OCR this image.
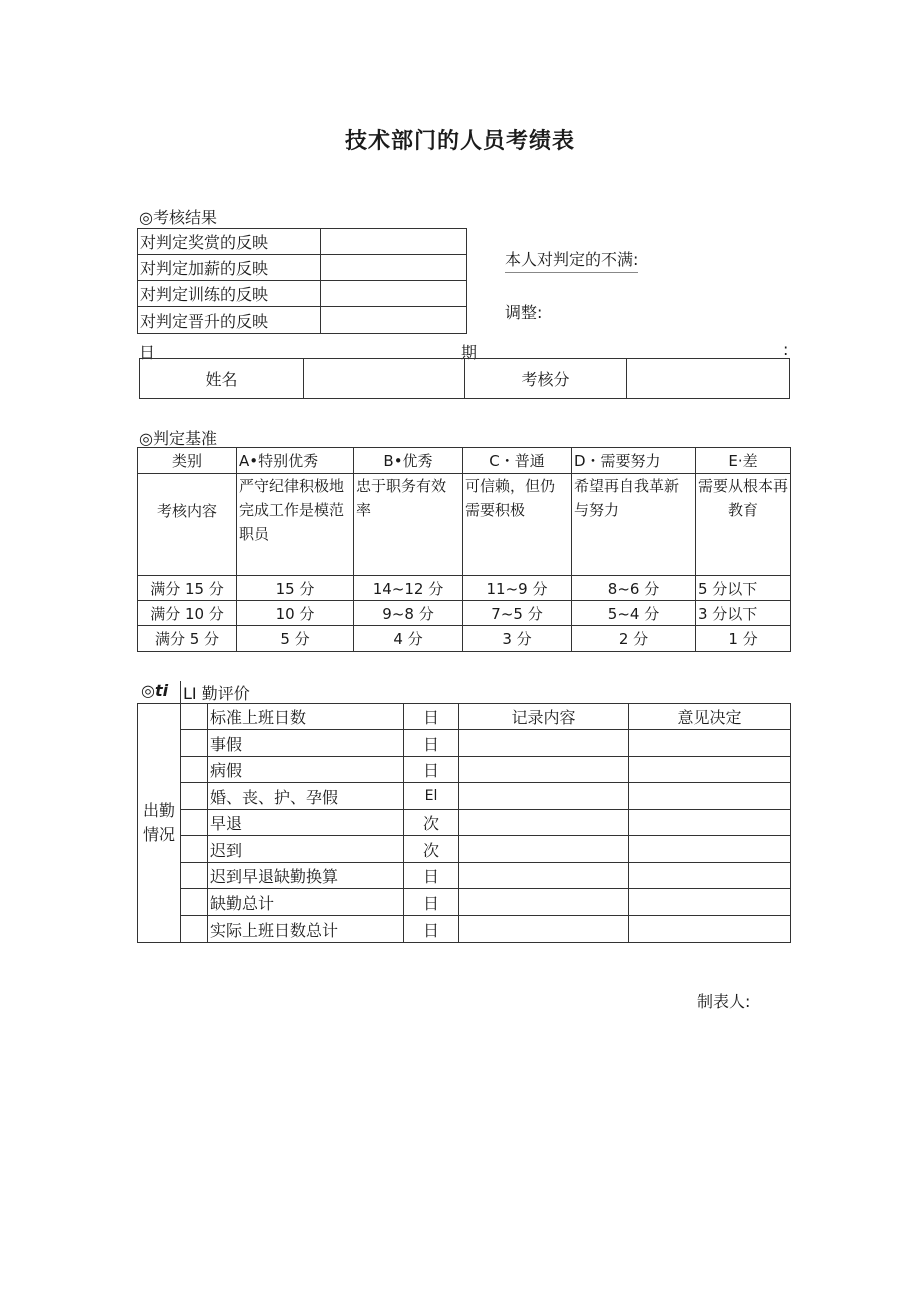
技术部门的人员考绩表
◎考核结果
对判定奖赏的反映	
对判定加薪的反映	
对判定训练的反映	
对判定晋升的反映	
本人对判定的不满:
调整:
日	期	:
姓名		考核分	
◎判定基准
类别	A•特别优秀	B•优秀	C・普通	D・需要努力	E·差
考核内容	严守纪律积极地完成工作是模范职员	忠于职务有效率	可信赖，但仍需要积极	希望再自我革新与努力	需要从根本再教育
满分 15 分	15 分	14~12 分	11~9 分	8~6 分	5 分以下
满分 10 分	10 分	9~8 分	7~5 分	5~4 分	3 分以下
满分 5 分	5 分	4 分	3 分	2 分	1 分
◎ti LI 勤评价
出勤
情况		标准上班日数	日	记录内容	意见决定
		事假	日		
		病假	日		
		婚、丧、护、孕假	El		
		早退	次		
		迟到	次		
		迟到早退缺勤换算	日		
		缺勤总计	日		
		实际上班日数总计	日		
制表人:
